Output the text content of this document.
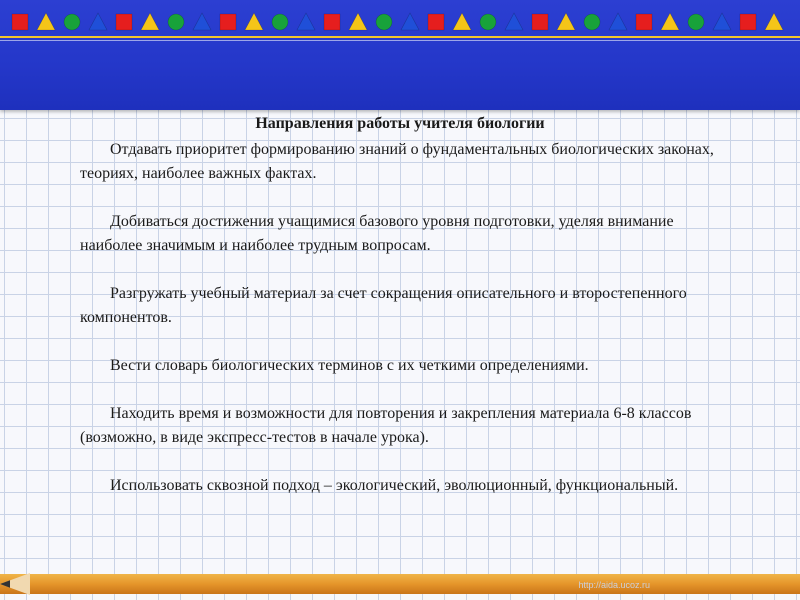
Направления работы учителя биологии

Отдавать приоритет формированию знаний о фундаментальных биологических законах, теориях, наиболее важных фактах.

Добиваться достижения учащимися базового уровня подготовки, уделяя внимание наиболее значимым и наиболее трудным вопросам.

Разгружать учебный материал за счет сокращения описательного и второстепенного компонентов.

Вести словарь биологических терминов с их четкими определениями.

Находить время и возможности для повторения и закрепления материала 6-8 классов (возможно, в виде экспресс-тестов в начале урока).

Использовать сквозной подход – экологический, эволюционный, функциональный.

http://aida.ucoz.ru
